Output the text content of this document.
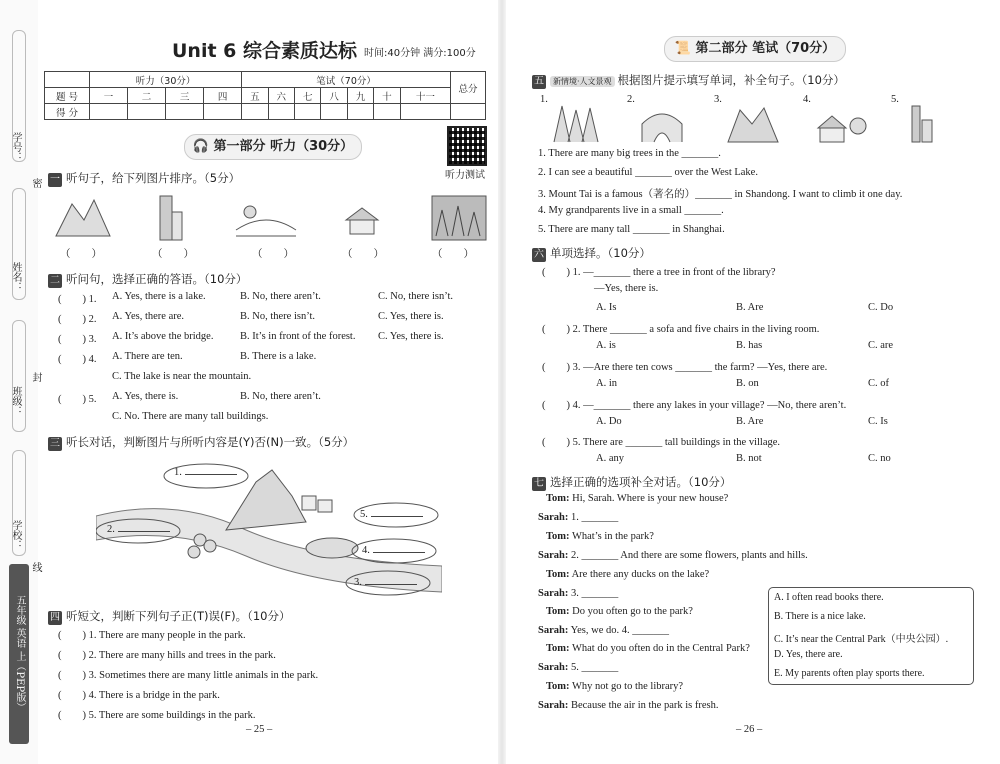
学号：
姓名：
班级：
学校：
密
封
线
五年级 英语 上（PEP版）
Unit 6 综合素质达标 时间:40分钟 满分:100分
	听力（30分）				笔试（70分）							总分
题 号	一	二	三	四	五	六	七	八	九	十	十一	
得 分												
🎧 第一部分 听力（30分）
听力测试
一 听句子，给下列图片排序。（5分）
（　　）	（　　）	（　　）	（　　）	（　　）
二 听问句，选择正确的答语。（10分）
(　　) 1. A. Yes, there is a lake.	B. No, there aren’t.	C. No, there isn’t.
(　　) 2. A. Yes, there are.	B. No, there isn’t.	C. Yes, there is.
(　　) 3. A. It’s above the bridge.	B. It’s in front of the forest. C. Yes, there is.
(　　) 4. A. There are ten.	B. There is a lake.
C. The lake is near the mountain.
(　　) 5. A. Yes, there is.	B. No, there aren’t.
C. No. There are many tall buildings.
三 听长对话，判断图片与所听内容是(Y)否(N)一致。（5分）
1.
2.
3.
4.
5.
四 听短文，判断下列句子正(T)误(F)。（10分）
(　　) 1. There are many people in the park.
(　　) 2. There are many hills and trees in the park.
(　　) 3. Sometimes there are many little animals in the park.
(　　) 4. There is a bridge in the park.
(　　) 5. There are some buildings in the park.
– 25 –
📜 第二部分 笔试（70分）
五 新情境·人文景观 根据图片提示填写单词，补全句子。（10分）
1.	2.	3.	4.	5.
1. There are many big trees in the _______.
2. I can see a beautiful _______ over the West Lake.
3. Mount Tai is a famous（著名的）_______ in Shandong. I want to climb it one day.
4. My grandparents live in a small _______.
5. There are many tall _______ in Shanghai.
六 单项选择。（10分）
(　　) 1. —_______ there a tree in front of the library?
—Yes, there is.
A. Is	B. Are	C. Do
(　　) 2. There _______ a sofa and five chairs in the living room.
A. is	B. has	C. are
(　　) 3. —Are there ten cows _______ the farm? —Yes, there are.
A. in	B. on	C. of
(　　) 4. —_______ there any lakes in your village? —No, there aren’t.
A. Do	B. Are	C. Is
(　　) 5. There are _______ tall buildings in the village.
A. any	B. not	C. no
七 选择正确的选项补全对话。（10分）
Tom: Hi, Sarah. Where is your new house?
Sarah: 1. _______
Tom: What’s in the park?
Sarah: 2. _______ And there are some flowers, plants and hills.
Tom: Are there any ducks on the lake?
Sarah: 3. _______
Tom: Do you often go to the park?
Sarah: Yes, we do. 4. _______
Tom: What do you often do in the Central Park?
Sarah: 5. _______
Tom: Why not go to the library?
Sarah: Because the air in the park is fresh.
A. I often read books there.
B. There is a nice lake.
C. It’s near the Central Park（中央公园）.
D. Yes, there are.
E. My parents often play sports there.
– 26 –
